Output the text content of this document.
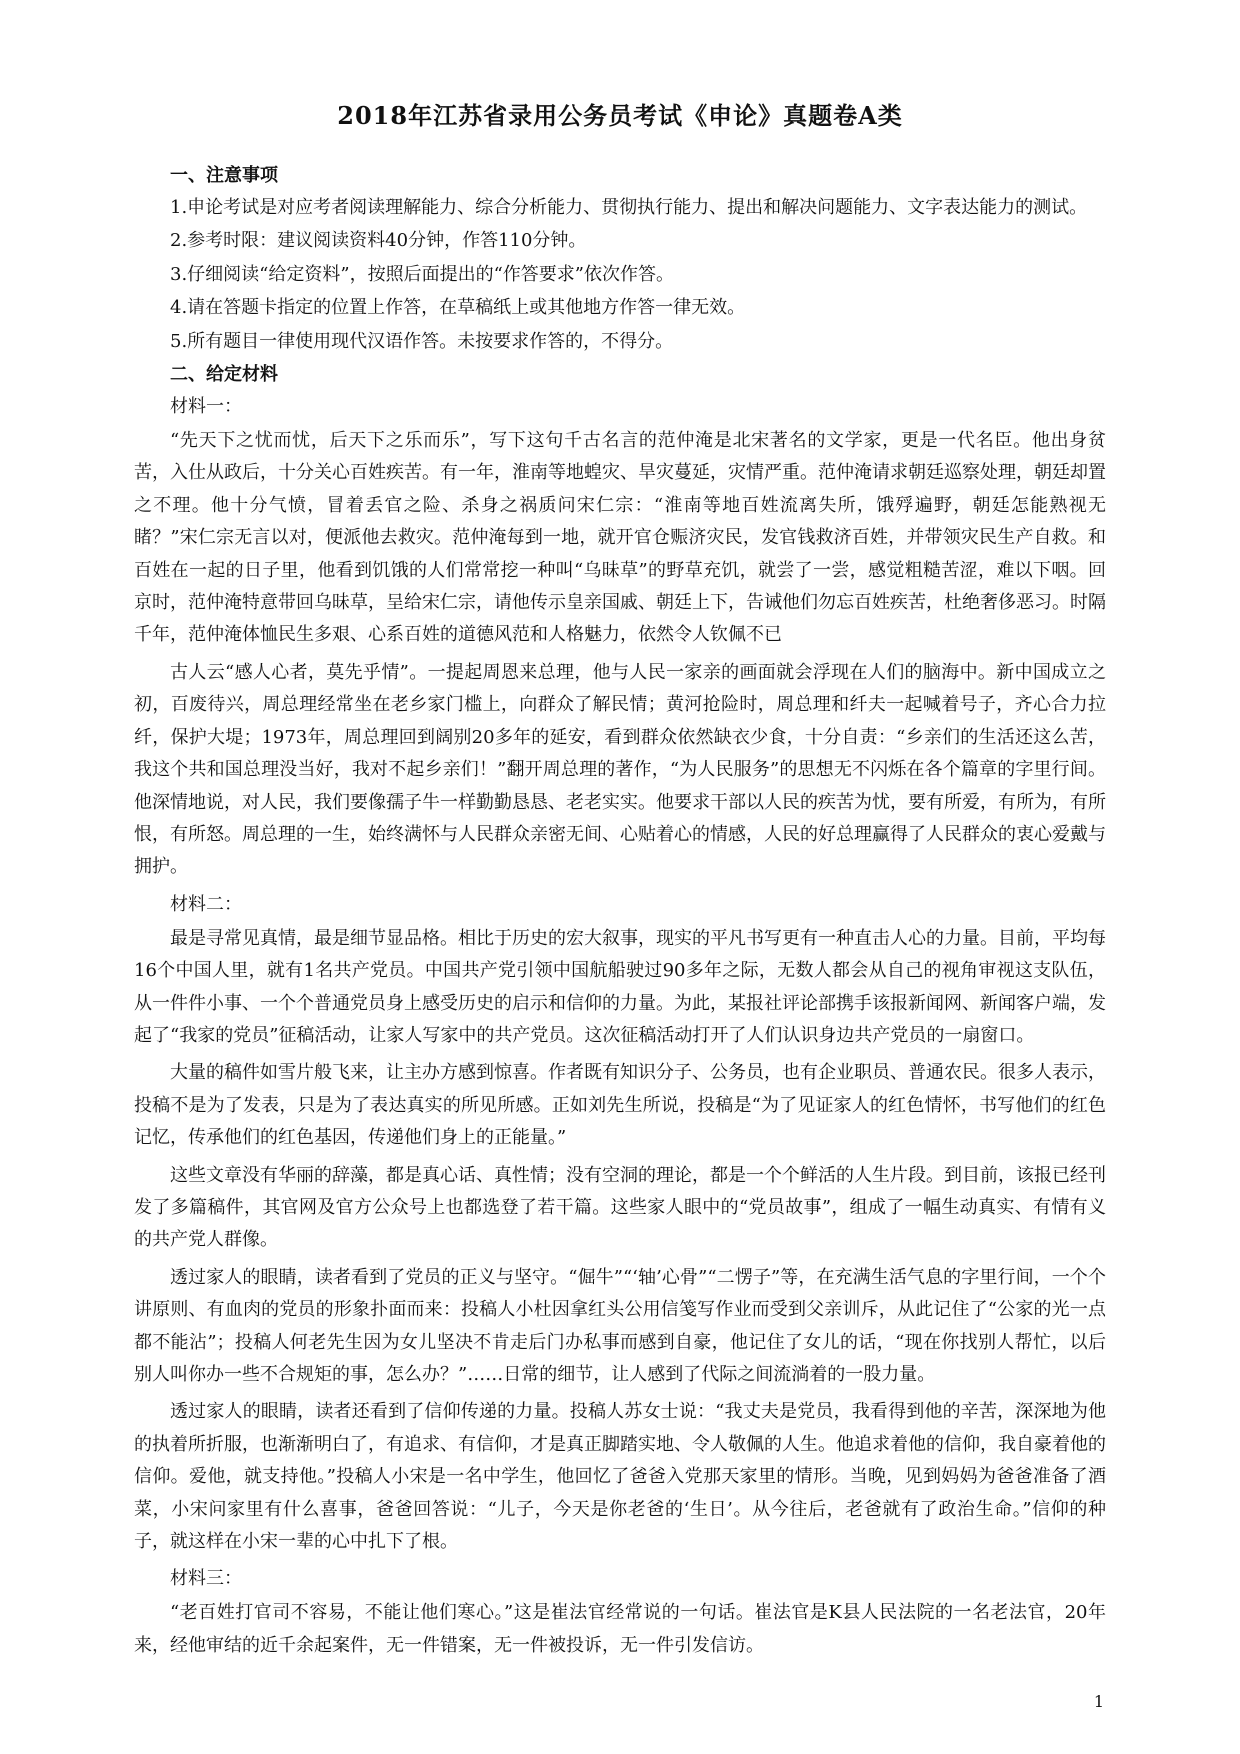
2018年江苏省录用公务员考试《申论》真题卷A类
一、注意事项

1.申论考试是对应考者阅读理解能力、综合分析能力、贯彻执行能力、提出和解决问题能力、文字表达能力的测试。

2.参考时限：建议阅读资料40分钟，作答110分钟。

3.仔细阅读“给定资料”，按照后面提出的“作答要求”依次作答。

4.请在答题卡指定的位置上作答，在草稿纸上或其他地方作答一律无效。

5.所有题目一律使用现代汉语作答。未按要求作答的，不得分。

二、给定材料
材料一：

“先天下之忧而忧，后天下之乐而乐”，写下这句千古名言的范仲淹是北宋著名的文学家，更是一代名臣。他出身贫苦，入仕从政后，十分关心百姓疾苦。有一年，淮南等地蝗灾、旱灾蔓延，灾情严重。范仲淹请求朝廷巡察处理，朝廷却置之不理。他十分气愤，冒着丢官之险、杀身之祸质问宋仁宗：“淮南等地百姓流离失所，饿殍遍野，朝廷怎能熟视无睹？”宋仁宗无言以对，便派他去救灾。范仲淹每到一地，就开官仓赈济灾民，发官钱救济百姓，并带领灾民生产自救。和百姓在一起的日子里，他看到饥饿的人们常常挖一种叫“乌昧草”的野草充饥，就尝了一尝，感觉粗糙苦涩，难以下咽。回京时，范仲淹特意带回乌昧草，呈给宋仁宗，请他传示皇亲国戚、朝廷上下，告诫他们勿忘百姓疾苦，杜绝奢侈恶习。时隔千年，范仲淹体恤民生多艰、心系百姓的道德风范和人格魅力，依然令人钦佩不已

古人云“感人心者，莫先乎情”。一提起周恩来总理，他与人民一家亲的画面就会浮现在人们的脑海中。新中国成立之初，百废待兴，周总理经常坐在老乡家门槛上，向群众了解民情；黄河抢险时，周总理和纤夫一起喊着号子，齐心合力拉纤，保护大堤；1973年，周总理回到阔别20多年的延安，看到群众依然缺衣少食，十分自责：“乡亲们的生活还这么苦，我这个共和国总理没当好，我对不起乡亲们！”翻开周总理的著作，“为人民服务”的思想无不闪烁在各个篇章的字里行间。他深情地说，对人民，我们要像孺子牛一样勤勤恳恳、老老实实。他要求干部以人民的疾苦为忧，要有所爱，有所为，有所恨，有所怒。周总理的一生，始终满怀与人民群众亲密无间、心贴着心的情感，人民的好总理赢得了人民群众的衷心爱戴与拥护。

材料二：

最是寻常见真情，最是细节显品格。相比于历史的宏大叙事，现实的平凡书写更有一种直击人心的力量。目前，平均每16个中国人里，就有1名共产党员。中国共产党引领中国航船驶过90多年之际，无数人都会从自己的视角审视这支队伍，从一件件小事、一个个普通党员身上感受历史的启示和信仰的力量。为此，某报社评论部携手该报新闻网、新闻客户端，发起了“我家的党员”征稿活动，让家人写家中的共产党员。这次征稿活动打开了人们认识身边共产党员的一扇窗口。

大量的稿件如雪片般飞来，让主办方感到惊喜。作者既有知识分子、公务员，也有企业职员、普通农民。很多人表示，投稿不是为了发表，只是为了表达真实的所见所感。正如刘先生所说，投稿是“为了见证家人的红色情怀，书写他们的红色记忆，传承他们的红色基因，传递他们身上的正能量。”

这些文章没有华丽的辞藻，都是真心话、真性情；没有空洞的理论，都是一个个鲜活的人生片段。到目前，该报已经刊发了多篇稿件，其官网及官方公众号上也都选登了若干篇。这些家人眼中的“党员故事”，组成了一幅生动真实、有情有义的共产党人群像。

透过家人的眼睛，读者看到了党员的正义与坚守。“倔牛”“‘轴’心骨”“二愣子”等，在充满生活气息的字里行间，一个个讲原则、有血肉的党员的形象扑面而来：投稿人小杜因拿红头公用信笺写作业而受到父亲训斥，从此记住了“公家的光一点都不能沾”；投稿人何老先生因为女儿坚决不肯走后门办私事而感到自豪，他记住了女儿的话，“现在你找别人帮忙，以后别人叫你办一些不合规矩的事，怎么办？”……日常的细节，让人感到了代际之间流淌着的一股力量。

透过家人的眼睛，读者还看到了信仰传递的力量。投稿人苏女士说：“我丈夫是党员，我看得到他的辛苦，深深地为他的执着所折服，也渐渐明白了，有追求、有信仰，才是真正脚踏实地、令人敬佩的人生。他追求着他的信仰，我自豪着他的信仰。爱他，就支持他。”投稿人小宋是一名中学生，他回忆了爸爸入党那天家里的情形。当晚，见到妈妈为爸爸准备了酒菜，小宋问家里有什么喜事，爸爸回答说：“儿子，今天是你老爸的‘生日’。从今往后，老爸就有了政治生命。”信仰的种子，就这样在小宋一辈的心中扎下了根。

材料三：

“老百姓打官司不容易，不能让他们寒心。”这是崔法官经常说的一句话。崔法官是K县人民法院的一名老法官，20年来，经他审结的近千余起案件，无一件错案，无一件被投诉，无一件引发信访。

1
